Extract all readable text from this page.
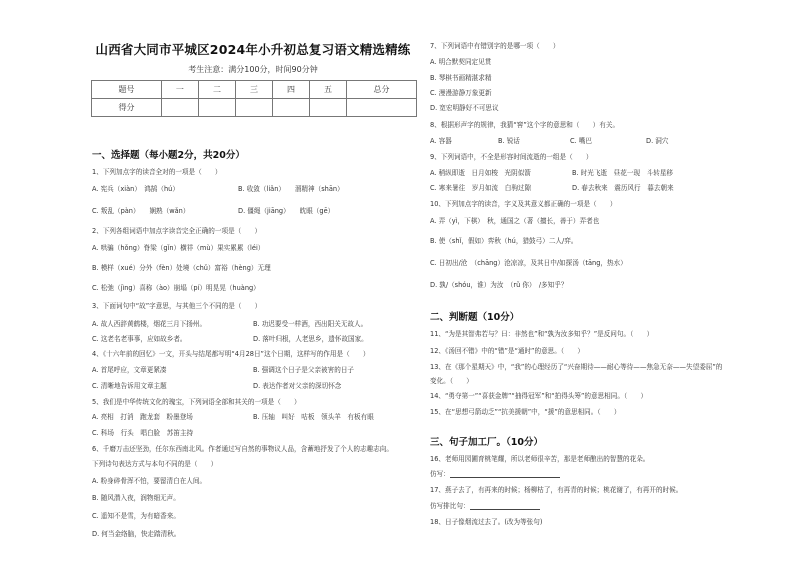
山西省大同市平城区2024年小升初总复习语文精选精练
考生注意：满分100分，时间90分钟
题号	一	二	三	四	五	总分
得分						
一、选择题（每小题2分，共20分）
1、下列加点字的读音全对的一项是（　　）
A. 宪兵（xiàn）　鸿鹄（hú）	B. 收敛（liǎn）　　溜精神（shān）
C. 叛乱（pàn）　　娴熟（wǎn）	D. 僵绳（jiāng）　　眈眼（gē）
2、下列各组词语中加点字读音完全正确的一项是（　　）
A. 哄骗（hǒng）脊梁（gǐn）横祥（mù）果实累累（léi）
B. 模样（xué）分外（fèn）处境（chǔ）富裕（hèng）无理
C. 松弛（jìng）喜称（ào）崩塌（pí）明晃晃（huàng）
3、下面词句中“故”字意思，与其他三个不同的是（　　）
A. 故人西辞黄鹤楼，烟花三月下扬州。	B. 功迟要受一样酒，西出阳关无故人。
C. 这老名老事事，应如故乡者。	D. 落叶归根，人老思乡，遗怀故国家。
4、《十六年前的回忆》一文，开头与结尾都写明“4月28日”这个日期，这样写的作用是（　　）
A. 首尾呼应，文章更紧凑	B. 强调这个日子是父亲被害的日子
C. 清晰地告诉用文章主题	D. 表达作者对父亲的深切怀念
5、我们是中华传统文化的瑰宝，下列词语全部和其关的一项是（　　）
A. 亮相　打消　跑龙套　粉墨登场	B. 压轴　叫好　咕板　领头羊　有板有眼
C. 科场　行头　唱白脸　苏笛主持
6、千磨万击还坚劲，任尔东西南北风。作者通过写自然的事物议人品，含蓄地抒发了个人的志趣志向。
下列诗句表达方式与本句不同的是（　　）
A. 粉身碎骨浑不怕，要留清白在人间。
B. 随风潜入夜，润物细无声。
C. 遥知不是雪，为有暗香来。
D. 何当金络脑，快走踏清秋。
7、下列词语中有错别字的是哪一项（　　）
A. 明合默契同定见贯
B. 琴棋书画精湛求精
C. 漫漫游静万象更新
D. 宽宏明静好不可思议
8、根据形声字的规律，我猜“窖”这个字的意思和（　　）有关。
A. 容器	B. 锐话	C. 嘴巴	D. 洞穴
9、下列词语中，不全是形容时间流逝的一组是（　　）
A. 稍纵即逝　日月如梭　光阴似箭	B. 时光飞逝　昼花一现　斗转星移
C. 寒来暑往　岁月如流　白驹过隙	D. 春去秋来　震历风行　暮去朝来
10、下列加点字的读音，字义及其意义都正确的一项是（　　）
A. 弄（yì，下棋）　秋，通国之（著（擅长，善于）弄者也
B. 使（shǐ，假如）弈秋（hú，猎鼓弓）二人/弈。
C. 日初出/沧　（chāng）沧凉凉，及其日中/如探汤（tāng，热水）
D. 孰/（shóu，谁）为汝　（rǔ 你）　/多知乎？
二、判断题（10分）
11、“为是其智弗若与？曰：非然也”和“孰为汝多知乎？”是反问句。（　　）
12、《汤回不错》中的“错”是“通时”的意思。（　　）
13、在《那个星期天》中，“我”的心理经历了“兴奋期待——耐心等待——焦急无奈——失望委屈”的
变化。（　　）
14、“勇夺第一”“喜获金牌”“抽得冠军”和“拍得头筹”的意思相同。（　　）
15、在“思想弓箭动乏”“抗美援朝”中，“援”的意思相同。（　　）
三、句子加工厂。（10分）
16、老师用园圃育桃笔耀，所以老师很辛苦，那是老师酿出的智慧的花朵。
仿写：
17、燕子去了，有再来的时候；杨柳枯了，有再青的时候；桃花谢了，有再开的时候。
仿写排比句：
18、日子像烟流过去了。(改为等张句)
